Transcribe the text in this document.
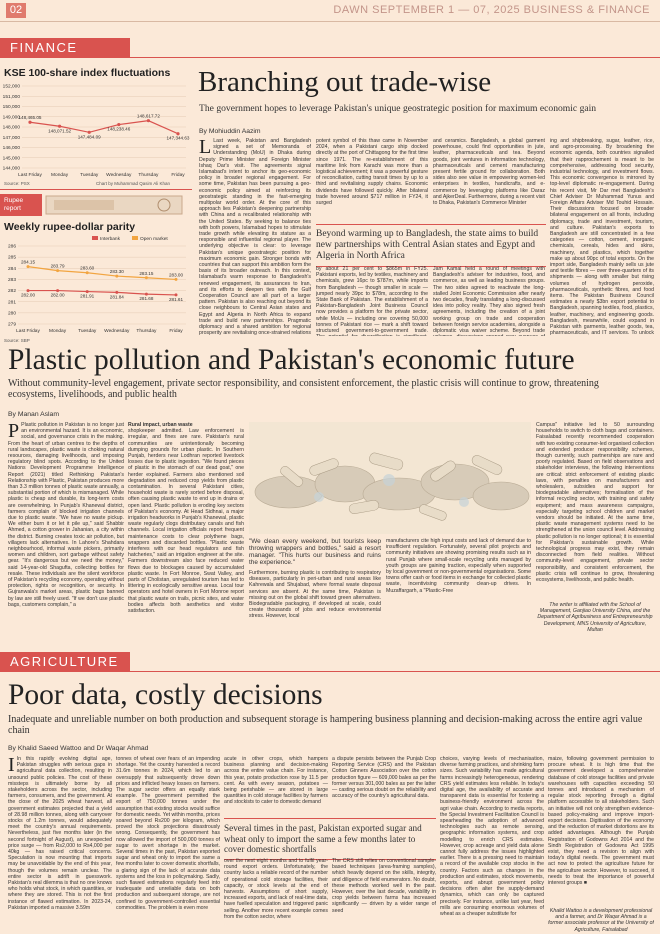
02	DAWN SEPTEMBER 1 — 07, 2025 BUSINESS & FINANCE
FINANCE
KSE 100-share index fluctuations
152,000
151,000
150,000
149,000
148,000
147,000
146,000
145,000
144,000
Last Friday Monday Tuesday Wednesday Thursday	Friday
148,465.05
148,071.52
147,484.09
148,238.46
148,617.72
147,344.63
Source: PSX	Chart by Muhammad Qasim Ali Khan
Rupee
report
Weekly rupee-dollar parity
Interbank	Open market
286
285
284
283
282
281
280
279
Last Friday Monday Tuesday Wednesday Thursday	Friday
282.00	282.00	281.91	281.84	281.68	281.61
284.15
283.79	283.60
283.30	283.15	283.00
Source: SBP
Branching out trade-wise
The government hopes to leverage Pakistan's unique geostrategic position for maximum economic gain
By Mohiuddin Aazim
L Last week, Pakistan and Bangladesh signed a set of Memoranda of Understanding (MoU) in Dhaka during Deputy Prime Minister and Foreign Minister Ishaq Dar's visit. The agreements signal Islamabad's intent to anchor its geo-economic policy in broader regional engagement. For some time, Pakistan has been pursuing a geo-economic policy aimed at reinforcing its geostrategic standing in the fast-emerging multipolar world order. At the core of this approach lies Pakistan's deepening partnership with China and a recalibrated relationship with the United States. By seeking to balance ties with both powers, Islamabad hopes to stimulate trade growth while elevating its stature as a responsible and influential regional player. The underlying objective is clear: to leverage Pakistan's unique geostrategic position for maximum economic gain. Stronger bonds with countries that can support this ambition form the basis of its broader outreach. In this context, Islamabad's warm response to Bangladesh's renewed engagement, its assurances to Iran, and its efforts to deepen ties with the Gulf Cooperation Council are all part of a larger pattern. Pakistan is also reaching out beyond its close neighbours to Central Asian states and Egypt and Algeria in North Africa to expand trade and build new partnerships. Pragmatic diplomacy and a shared ambition for regional prosperity are revitalising once-strained relations
potent symbol of this thaw came in November 2024, when a Pakistani cargo ship docked directly at the port of Chittagong for the first time since 1971. The re-establishment of this maritime link from Karachi was more than a logistical achievement; it was a powerful gesture of reconciliation, cutting transit times by up to a third and revitalising supply chains. Economic dividends have followed quickly. After bilateral trade hovered around $717 million in FY24, it surged
and ceramics. Bangladesh, a global garment powerhouse, could find opportunities in jute, leather, pharmaceuticals and tea. Beyond goods, joint ventures in information technology, pharmaceuticals and cement manufacturing present fertile ground for collaboration. Both sides also see value in empowering women-led enterprises in textiles, handicrafts, and e-commerce by leveraging platforms like Daraz and AjkerDeal. Furthermore, during a recent visit to Dhaka, Pakistan's Commerce Minister
Beyond warming up to Bangladesh, the state aims to build new partnerships with Central Asian states and Egypt and Algeria in North Africa
by about 21 per cent to $865m in FY25. Pakistani exports, led by textiles, machinery and chemicals, grew 16pc to $787m, while imports from Bangladesh — though smaller in scale — jumped nearly 39pc to $78m, according to the State Bank of Pakistan. The establishment of a Pakistan-Bangladesh Joint Business Council now provides a platform for the private sector, while MoUs — including one covering 50,000 tonnes of Pakistani rice — mark a shift toward structured government-to-government trade.
Jam Kamal held a round of meetings with Bangladesh's adviser for industries, food, and commerce, as well as leading business groups. The two sides agreed to reactivate the long-stalled Joint Economic Commission after nearly two decades, finally translating a long-discussed idea into policy reality. They also signed fresh agreements, including the creation of a joint working group on trade and cooperation between foreign service academies, alongside a diplomatic visa waiver scheme. Beyond trade
ing and shipbreaking, sugar, leather, rice, and agro-processing. By broadening the economic agenda, both countries signalled that their rapprochement is meant to be comprehensive, addressing food security, industrial technology, and investment flows. This economic convergence is mirrored by top-level diplomatic re-engagement. During his recent visit, Mr Dar met Bangladesh's Chief Adviser Dr Muhammad Yunus and Foreign Affairs Adviser Md Touhid Hossain. Their discussions focused on broader bilateral engagement on all fronts, including diplomacy, trade and investment, tourism, and culture. Pakistan's exports to Bangladesh are still concentrated in a few categories — cotton, cement, inorganic chemicals, cereals, hides and skins, machinery, and plastics, which together make up about 90pc of total exports. On the import side, Bangladesh mainly sells us jute and textile fibres — over three-quarters of its shipments — along with smaller but rising volumes of hydrogen peroxide, pharmaceuticals, synthetic fibres, and food items. The Pakistan Business Council estimates a nearly $3bn export potential to Bangladesh, spanning textiles, food, plastics, leather, machinery, and engineering goods. Bangladesh, meanwhile, could expand in Pakistan with garments, leather goods, tea, pharmaceuticals, and IT services. To unlock
Plastic pollution and Pakistan's economic future
Without community-level engagement, private sector responsibility, and consistent enforcement, the plastic crisis will continue to grow, threatening ecosystems, livelihoods, and public health
By Manan Aslam
P Plastic pollution in Pakistan is no longer just an environmental hazard. It is an economic, social, and governance crisis in the making. From the heart of urban centres to the depths of rural landscapes, plastic waste is choking natural resources, damaging livelihoods, and imposing regulatory blind spots. According to the United Nations Development Programme Intelligence Report (2021) titled Rethinking Pakistan's Relationship with Plastic, Pakistan produces more than 3.3 million tonnes of plastic waste annually, a substantial portion of which is mismanaged. While plastic is cheap and durable, its long-term costs are overwhelming. In Punjab's Khanewal district, farmers complain of blocked irrigation channels due to plastic waste. "We have no waste pickup. We either burn it or let it pile up," said Shabbir Ahmed, a cotton grower in Jahanian, a city within the district. Burning creates toxic air pollution, but villagers lack alternatives. In Lahore's Shahdara neighbourhood, informal waste pickers, primarily women and children, sort garbage without safety gear. "It's dangerous but we need the money," said 14-year-old Shagufta, collecting bottles for resale. These individuals are the silent workforce of Pakistan's recycling economy, operating without protection, rights or recognition, or security. In Gujranwala's market areas, plastic bags banned by law are still freely used. "If we don't use plastic bags, customers complain," a
Rural impact, urban waste
shopkeeper admitted. Law enforcement is irregular, and fines are rare. Pakistan's rural communities are unintentionally becoming dumping grounds for urban plastic. In Southern Punjab, herders near Lodhran reported livestock losses due to plastic ingestion. "We found pieces of plastic in the stomach of our dead goat," one herder explained. Farmers also mentioned soil degradation and reduced crop yields from plastic contamination. In several Pakistani cities, household waste is rarely sorted before disposal, often causing plastic waste to end up in drains or open land. Plastic pollution is eroding key sectors of Pakistan's economy. At Head Sidhnai, a major irrigation headworks in Punjab's Khanewal, plastic waste regularly clogs distributary canals and fish channels. Local irrigation officials report frequent maintenance costs to clear polythene bags, wrappers and discarded bottles. "Plastic waste interferes with our head regulators and fish hatcheries," said an irrigation engineer at the site. Farmers downstream also face reduced water flows due to blockages caused by accumulated plastic waste. In Fort Monroe, Swat Valley, and parts of Cholistan, unregulated tourism has led to littering in ecologically sensitive areas. Local tour operators and hotel owners in Fort Monroe report that plastic waste on trails, picnic sites, and water bodies affects both aesthetics and visitor satisfaction.
"We clean every weekend, but tourists keep throwing wrappers and bottles," said a resort manager. "This hurts our business and ruins the experience."
Furthermore, burning plastic is contributing to respiratory diseases, particularly in peri-urban and rural areas like Kahrewala and Shujabad, where formal waste disposal services are absent. At the same time, Pakistan is missing out on the global shift toward green alternatives. Biodegradable packaging, if developed at scale, could create thousands of jobs and reduce environmental stress. However, local
manufacturers cite high input costs and lack of demand due to insufficient regulation. Fortunately, several pilot projects and community initiatives are showing promising results such as in rural Punjab where small-scale recycling units managed by youth groups are gaining traction, especially when supported by local government or non-governmental organisations. Some towns offer cash or food items in exchange for collected plastic waste, incentivising community clean-up drives. In Muzaffargarh, a "Plastic-Free
Campus" initiative led to 50 surrounding households to switch to cloth bags and containers. Faisalabad recently recommended cooperation with two existing consumer-led organised collection and extended producer responsibility schemes, though currently, such partnerships are rare and poorly regulated. Based on field observations and stakeholder interviews, the following interventions are critical: strict enforcement of existing plastic laws, with penalties on manufacturers and wholesalers, subsidies and support for biodegradable alternatives; formalisation of the informal recycling sector, with training and safety equipment; and mass awareness campaigns, especially targeting school children and market vendors should be initiated. At the same time, plastic waste management systems need to be strengthened at the union council level. Addressing plastic pollution is no longer optional; it is essential for Pakistan's sustainable growth. While technological progress may exist, they remain disconnected from field realities. Without community-level engagement, private sector responsibility, and consistent enforcement, the plastic crisis will continue to grow, threatening ecosystems, livelihoods, and public health.
The writer is affiliated with the School of Management, Ganjiao University China, and the Department of Agribusiness and Entrepreneurship Development, MNS University of Agriculture, Multan
AGRICULTURE
Poor data, costly decisions
Inadequate and unreliable number on both production and subsequent storage is hampering business planning and decision-making across the entire agri value chain
By Khalid Saeed Wattoo and Dr Waqar Ahmad
I In this rapidly evolving digital age, Pakistan struggles with serious gaps in agricultural data collection, resulting in unsound public policies. The cost of these missteps is ultimately borne by all stakeholders across the sector, including farmers, consumers, and the government. At the close of the 2025 wheat harvest, all government estimates projected that a yield of 28.98 million tonnes, along with carryover stocks of 1.2m tonnes, would adequately meet the country's annual requirements. Nevertheless, just five months later (in the second fortnight of August), an unexpected price surge — from Rs2,000 to Rs4,000 per 40kg — has raised critical concerns. Speculation is now mounting that imports may be unavoidable by the end of this year, though the volumes remain unclear. The entire sector is adrift in guesswork. Pakistan's real dilemma is that no one knows who holds what stock, in which quantities, or where they are stored. This is not the first instance of flawed estimation. In 2023-24, Pakistan imported a massive 3.59m
tonnes of wheat over fears of an impending shortage. Yet the country harvested a record 31.6m tonnes in 2024, which led to an oversupply that subsequently drove down prices and inflicted heavy losses on farmers. The sugar sector offers an equally stark example. The government permitted the export of 750,000 tonnes under the assumption that existing stocks would suffice for domestic needs. Yet within months, prices soared beyond Rs200 per kilogram, which proved the stock projections disastrously wrong. Consequently, the government has now allowed the import of 500,000 tonnes of sugar to avert shortage in the market. Several times in the past, Pakistan exported sugar and wheat only to import the same a few months later to cover domestic shortfalls, a glaring sign of the lack of accurate data systems and the loss in policymaking. Sadly, such flawed estimations regularly feed into inadequate and unreliable data on both production and subsequent storage, are not confined to government-controlled essential commodities. The problem is even more
acute in other crops, which hampers business planning and decision-making across the entire value chain. For instance, this year, potato production rose by 11.5 per cent. As with every season, potatoes — being perishable — are stored in large quantities in cold storage facilities by farmers and stockists to cater to domestic demand
a dispute persists between the Punjab Crop Reporting Service (CRS) and the Pakistan Cotton Ginners Association over the cotton production figure — 609,000 bales as per the former versus 301,000 bales as per the latter — casting serious doubt on the reliability and accuracy of the country's agricultural data.
Several times in the past, Pakistan exported sugar and wheat only to import the same a few months later to cover domestic shortfalls
over the next eight months and to fulfil year-round export orders. Unfortunately, the country lacks a reliable record of the number of operational cold storage facilities, their capacity, or stock levels at the end of harvests. Assumptions of short supply, increased exports, and lack of real-time data, have fuelled speculation and triggered panic selling. Another more recent example comes from the cotton sector, where
The CRS still relies on conventional sample-based techniques (area-framing samples), which heavily depend on the skills, integrity, and diligence of field enumerators. No doubt, these methods worked well in the past. However, over the last decade, variability in crop yields between farms has increased significantly — driven by a wider range of seed
choices, varying levels of mechanisation, diverse farming practices, and shrinking farm sizes. Such variability has made agricultural farms increasingly heterogeneous, rendering CRS yield estimates less reliable. In today's digital age, the availability of accurate and transparent data is essential for fostering a business-friendly environment across the agri value chain. According to media reports, the Special Investment Facilitation Council is spearheading the adoption of advanced technologies such as remote sensing, geographic information systems, and crop modelling to enrich CRS estimates. However, crop acreage and yield data alone cannot fully address the issues highlighted earlier. There is a pressing need to maintain a record of the available crop stocks in the country. Factors such as changes in the production and estimates, stock movements, exports, and abrupt government policy decisions often alter the supply-demand dynamics, which can only be captured precisely. For instance, unlike last year, feed mills are consuming enormous volumes of wheat as a cheaper substitute for
maize, following government permission to procure wheat. It is high time that the government developed a comprehensive database of cold storage facilities and private warehouses with capacities exceeding 50 tonnes and introduced a mechanism of regular stock reporting through a digital platform accessible to all stakeholders. Such an initiative will not only strengthen evidence-based policy-making and improve import-export decisions. Digitisation of the economy and the reduction of market distortions are its added advantages. Although the Punjab Registration of Godowns Act 2014 and the Sindh Registration of Godowns Act 1995 exist, they need a revision to align with today's digital needs. The government must act now to protect the agriculture future for the agriculture sector. However, to succeed, it needs to treat the importance of powerful interest groups ■
Khalid Wattoo is a development professional and a farmer, and Dr Waqar Ahmad is a former associate professor at the University of Agriculture, Faisalabad
